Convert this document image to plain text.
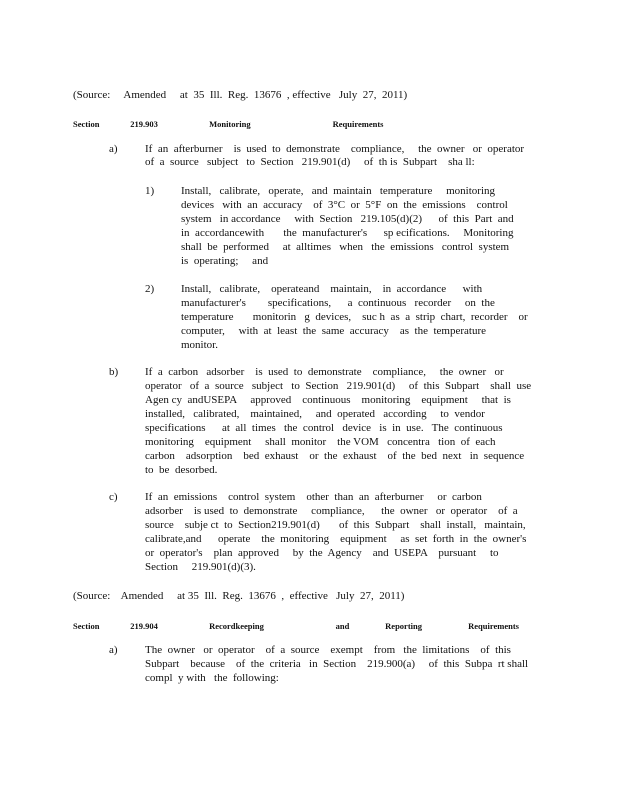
(Source:     Amended     at  35  Ill.  Reg.  13676  , effective   July  27,  2011)
Section      219.903          Monitoring                Requirements
a) If  an  afterburner    is  used  to  demonstrate    compliance,     the  owner   or  operator
of  a  source   subject   to  Section   219.901(d)     of  th is  Subpart    sha ll:
1) Install,   calibrate,   operate,   and  maintain   temperature     monitoring
devices   with  an  accuracy    of  3°C  or  5°F  on  the  emissions    control
system   in accordance     with  Section   219.105(d)(2)      of  this  Part  and
in  accordancewith       the  manufacturer's      sp ecifications.     Monitoring
shall  be  performed     at  alltimes   when   the  emissions   control  system
is  operating;     and
2) Install,   calibrate,    operateand    maintain,    in  accordance      with
manufacturer's        specifications,      a  continuous   recorder     on  the
temperature       monitorin   g  devices,    suc h  as  a  strip  chart,  recorder    or
computer,     with  at  least  the  same  accuracy    as  the  temperature
monitor.
b) If  a  carbon   adsorber    is  used  to  demonstrate    compliance,     the  owner   or
operator   of  a  source   subject   to  Section   219.901(d)     of  this  Subpart    shall  use
Agen cy  andUSEPA     approved    continuous    monitoring    equipment     that  is
installed,   calibrated,    maintained,     and  operated   according     to  vendor
specifications      at  all  times   the  control   device   is  in  use.   The  continuous
monitoring    equipment     shall  monitor    the VOM   concentra   tion  of  each
carbon    adsorption    bed  exhaust    or  the  exhaust    of  the  bed  next   in  sequence
to  be  desorbed.
c) If  an  emissions    control  system    other  than  an  afterburner     or  carbon
adsorber    is used  to  demonstrate     compliance,      the  owner   or  operator    of  a
source    subje ct  to  Section219.901(d)       of  this  Subpart    shall  install,   maintain,
calibrate,and      operate    the  monitoring    equipment     as  set  forth  in  the  owner's
or  operator's    plan  approved     by  the  Agency    and  USEPA    pursuant     to
Section     219.901(d)(3).
(Source:    Amended     at 35  Ill.  Reg.  13676  ,  effective   July  27,  2011)
Section      219.904          Recordkeeping              and       Reporting         Requirements
a) The  owner   or  operator    of  a  source    exempt    from   the  limitations    of  this
Subpart    because    of  the  criteria   in  Section    219.900(a)     of  this  Subpa  rt shall
compl  y with   the  following:
